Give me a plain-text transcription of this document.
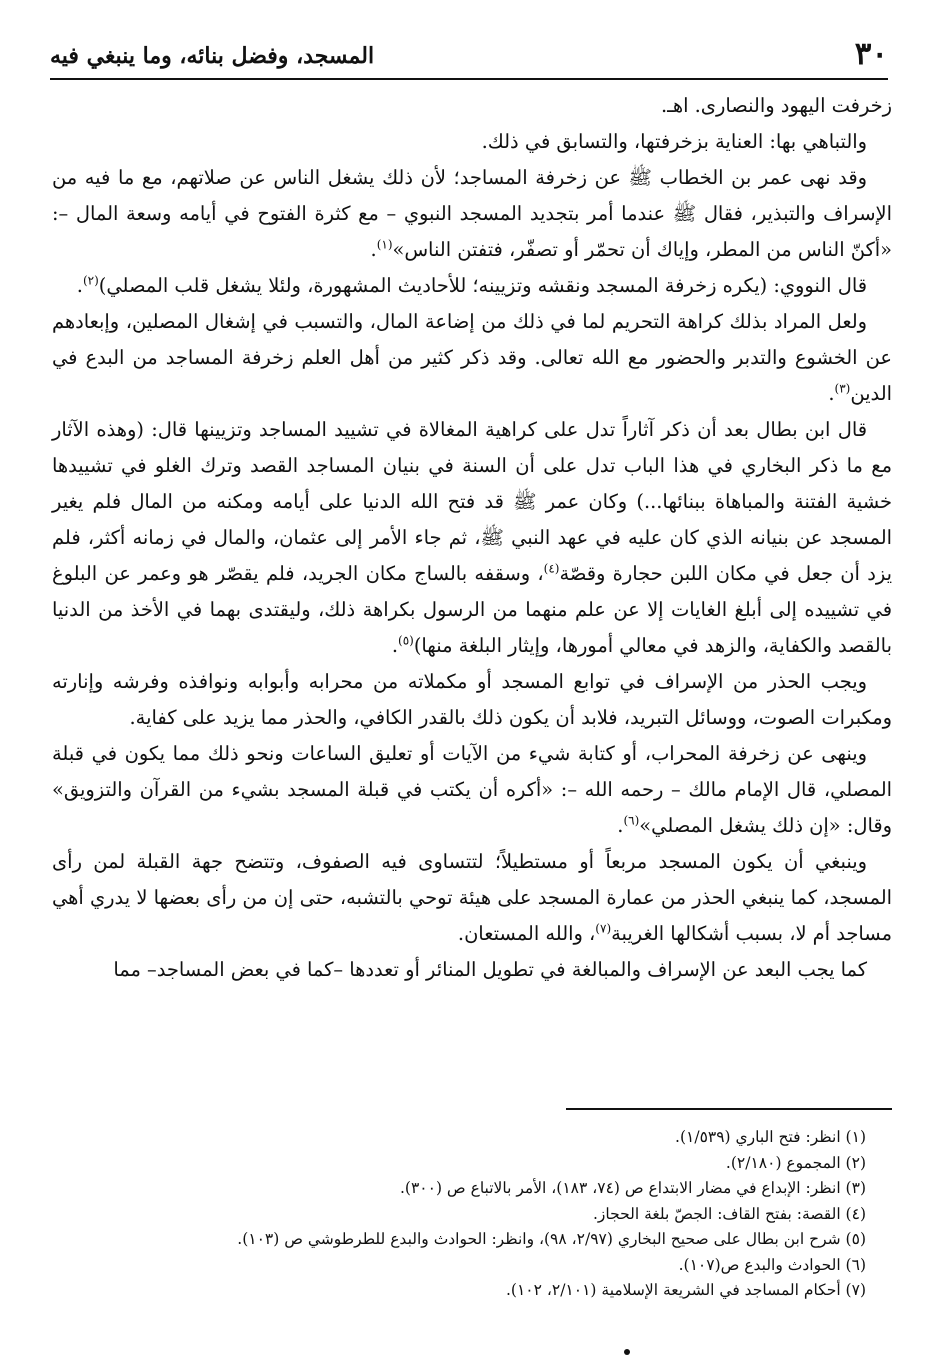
٣٠
المسجد، وفضل بنائه، وما ينبغي فيه

زخرفت اليهود والنصارى. اهـ.

والتباهي بها: العناية بزخرفتها، والتسابق في ذلك.

وقد نهى عمر بن الخطاب ﷺ عن زخرفة المساجد؛ لأن ذلك يشغل الناس عن صلاتهم، مع ما فيه من الإسراف والتبذير، فقال ﷺ عندما أمر بتجديد المسجد النبوي – مع كثرة الفتوح في أيامه وسعة المال –: «أكنّ الناس من المطر، وإياك أن تحمّر أو تصفّر، فتفتن الناس»$^{(١)}$.

قال النووي: (يكره زخرفة المسجد ونقشه وتزيينه؛ للأحاديث المشهورة، ولئلا يشغل قلب المصلي)$^{(٢)}$.

ولعل المراد بذلك كراهة التحريم لما في ذلك من إضاعة المال، والتسبب في إشغال المصلين، وإبعادهم عن الخشوع والتدبر والحضور مع الله تعالى. وقد ذكر كثير من أهل العلم زخرفة المساجد من البدع في الدين$^{(٣)}$.

قال ابن بطال بعد أن ذكر آثاراً تدل على كراهية المغالاة في تشييد المساجد وتزيينها قال: (وهذه الآثار مع ما ذكر البخاري في هذا الباب تدل على أن السنة في بنيان المساجد القصد وترك الغلو في تشييدها خشية الفتنة والمباهاة ببنائها...) وكان عمر ﷺ قد فتح الله الدنيا على أيامه ومكنه من المال فلم يغير المسجد عن بنيانه الذي كان عليه في عهد النبي ﷺ، ثم جاء الأمر إلى عثمان، والمال في زمانه أكثر، فلم يزد أن جعل في مكان اللبن حجارة وقصّة$^{(٤)}$، وسقفه بالساج مكان الجريد، فلم يقصّر هو وعمر عن البلوغ في تشييده إلى أبلغ الغايات إلا عن علم منهما من الرسول بكراهة ذلك، وليقتدى بهما في الأخذ من الدنيا بالقصد والكفاية، والزهد في معالي أمورها، وإيثار البلغة منها)$^{(٥)}$.

ويجب الحذر من الإسراف في توابع المسجد أو مكملاته من محرابه وأبوابه ونوافذه وفرشه وإنارته ومكبرات الصوت، ووسائل التبريد، فلابد أن يكون ذلك بالقدر الكافي، والحذر مما يزيد على كفاية.

وينهى عن زخرفة المحراب، أو كتابة شيء من الآيات أو تعليق الساعات ونحو ذلك مما يكون في قبلة المصلي، قال الإمام مالك – رحمه الله –: «أكره أن يكتب في قبلة المسجد بشيء من القرآن والتزويق» وقال: «إن ذلك يشغل المصلي»$^{(٦)}$.

وينبغي أن يكون المسجد مربعاً أو مستطيلاً؛ لتتساوى فيه الصفوف، وتتضح جهة القبلة لمن رأى المسجد، كما ينبغي الحذر من عمارة المسجد على هيئة توحي بالتشبه، حتى إن من رأى بعضها لا يدري أهي مساجد أم لا، بسبب أشكالها الغريبة$^{(٧)}$، والله المستعان.

كما يجب البعد عن الإسراف والمبالغة في تطويل المنائر أو تعددها –كما في بعض المساجد– مما

(١) انظر: فتح الباري (١/٥٣٩).

(٢) المجموع (٢/١٨٠).

(٣) انظر: الإبداع في مضار الابتداع ص (٧٤، ١٨٣)، الأمر بالاتباع ص (٣٠٠).

(٤) القصة: بفتح القاف: الجصّ بلغة الحجاز.

(٥) شرح ابن بطال على صحيح البخاري (٢/٩٧، ٩٨)، وانظر: الحوادث والبدع للطرطوشي ص (١٠٣).

(٦) الحوادث والبدع ص(١٠٧).

(٧) أحكام المساجد في الشريعة الإسلامية (٢/١٠١، ١٠٢).
